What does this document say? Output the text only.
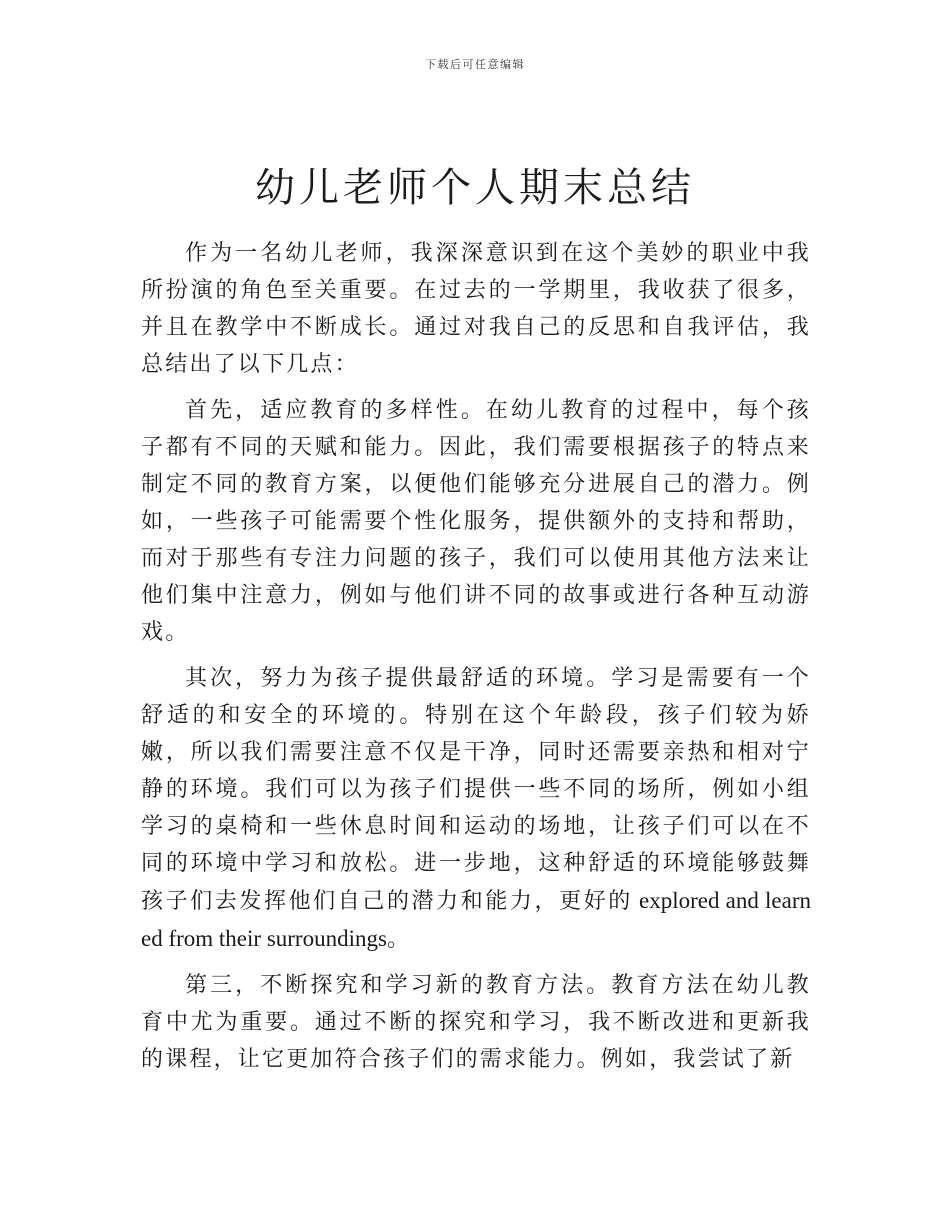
下载后可任意编辑
幼儿老师个人期末总结

作为一名幼儿老师，我深深意识到在这个美妙的职业中我所扮演的角色至关重要。在过去的一学期里，我收获了很多，并且在教学中不断成长。通过对我自己的反思和自我评估，我总结出了以下几点：

首先，适应教育的多样性。在幼儿教育的过程中，每个孩子都有不同的天赋和能力。因此，我们需要根据孩子的特点来制定不同的教育方案，以便他们能够充分进展自己的潜力。例如，一些孩子可能需要个性化服务，提供额外的支持和帮助，而对于那些有专注力问题的孩子，我们可以使用其他方法来让他们集中注意力，例如与他们讲不同的故事或进行各种互动游戏。

其次，努力为孩子提供最舒适的环境。学习是需要有一个舒适的和安全的环境的。特别在这个年龄段，孩子们较为娇嫩，所以我们需要注意不仅是干净，同时还需要亲热和相对宁静的环境。我们可以为孩子们提供一些不同的场所，例如小组学习的桌椅和一些休息时间和运动的场地，让孩子们可以在不同的环境中学习和放松。进一步地，这种舒适的环境能够鼓舞孩子们去发挥他们自己的潜力和能力，更好的 explored and learned from their surroundings。

第三，不断探究和学习新的教育方法。教育方法在幼儿教育中尤为重要。通过不断的探究和学习，我不断改进和更新我的课程，让它更加符合孩子们的需求能力。例如，我尝试了新
